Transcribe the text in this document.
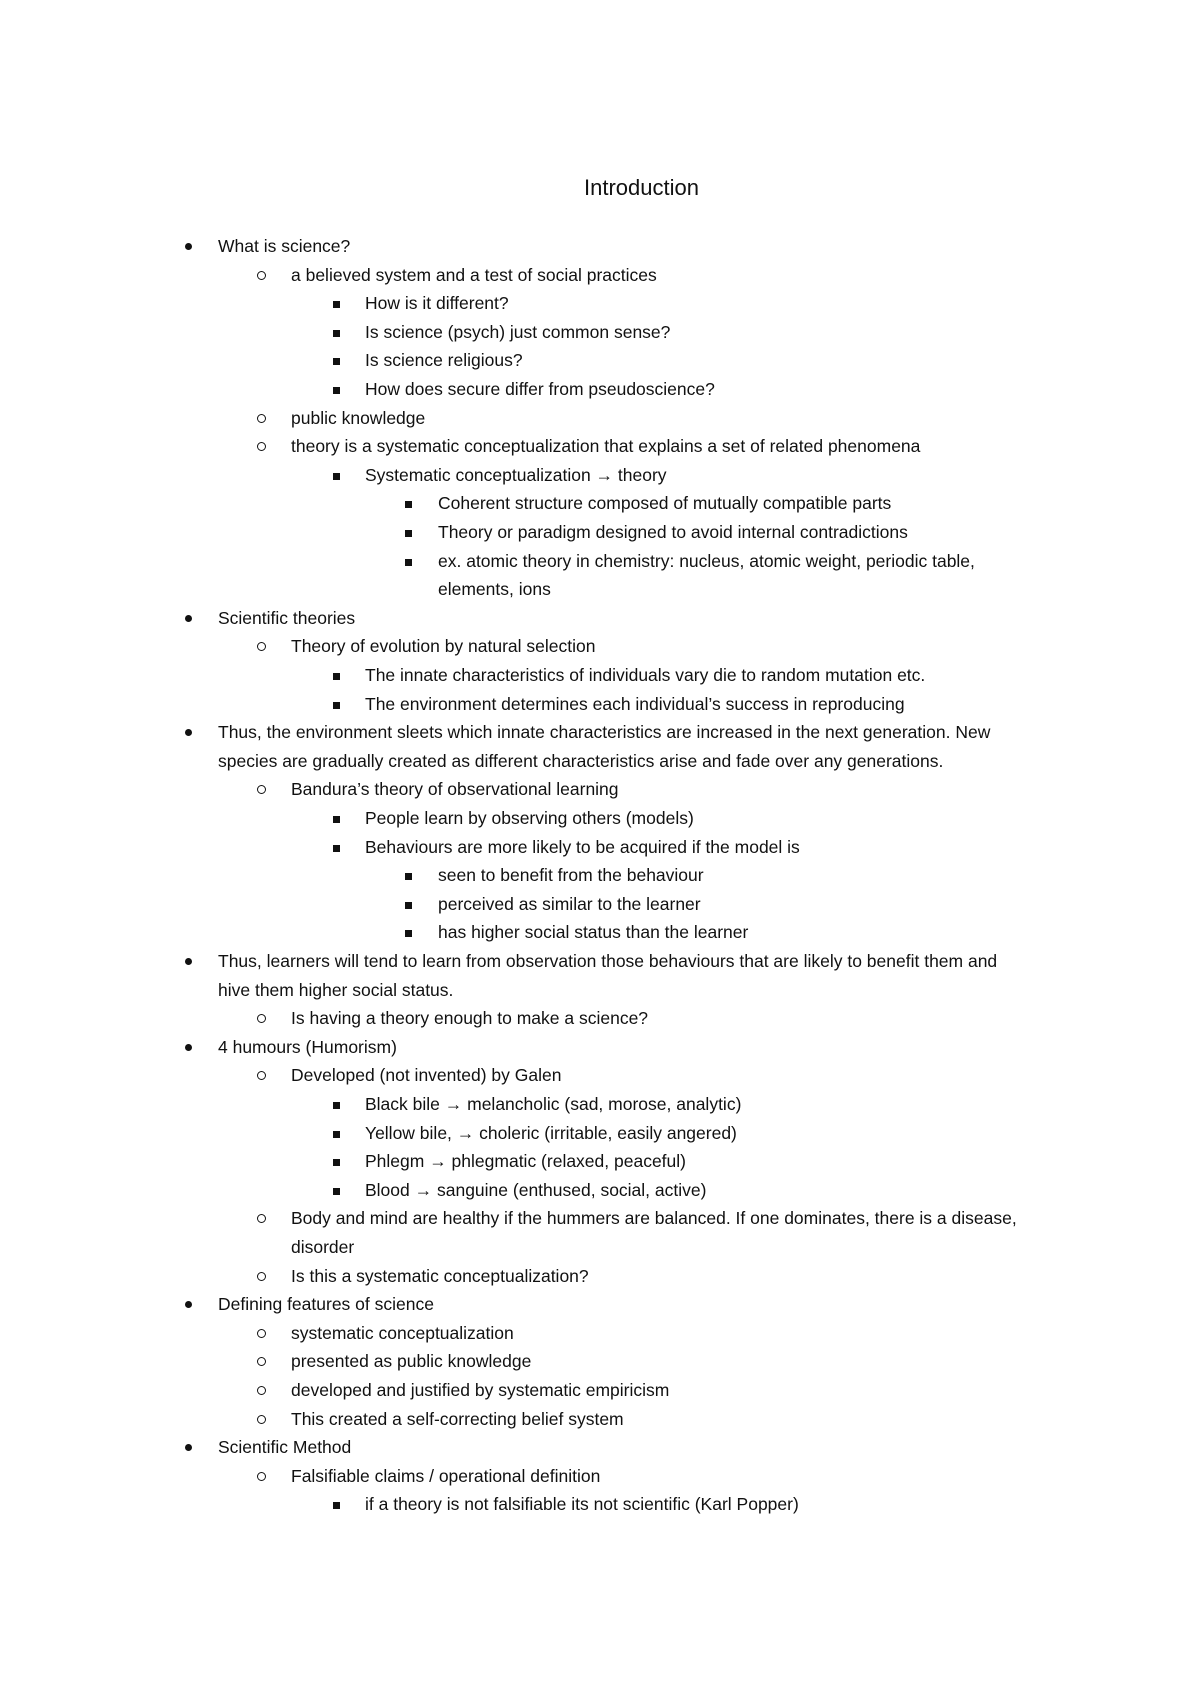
Introduction
What is science?
a believed system and a test of social practices
How is it different?
Is science (psych) just common sense?
Is science religious?
How does secure differ from pseudoscience?
public knowledge
theory is a systematic conceptualization that explains a set of related phenomena
Systematic conceptualization → theory
Coherent structure composed of mutually compatible parts
Theory or paradigm designed to avoid internal contradictions
ex. atomic theory in chemistry: nucleus, atomic weight, periodic table,
elements, ions
Scientific theories
Theory of evolution by natural selection
The innate characteristics of individuals vary die to random mutation etc.
The environment determines each individual’s success in reproducing
Thus, the environment sleets which innate characteristics are increased in the next generation. New
species are gradually created as different characteristics arise and fade over any generations.
Bandura’s theory of observational learning
People learn by observing others (models)
Behaviours are more likely to be acquired if the model is
seen to benefit from the behaviour
perceived as similar to the learner
has higher social status than the learner
Thus, learners will tend to learn from observation those behaviours that are likely to benefit them and
hive them higher social status.
Is having a theory enough to make a science?
4 humours (Humorism)
Developed (not invented) by Galen
Black bile → melancholic (sad, morose, analytic)
Yellow bile, → choleric (irritable, easily angered)
Phlegm → phlegmatic (relaxed, peaceful)
Blood → sanguine (enthused, social, active)
Body and mind are healthy if the hummers are balanced. If one dominates, there is a disease,
disorder
Is this a systematic conceptualization?
Defining features of science
systematic conceptualization
presented as public knowledge
developed and justified by systematic empiricism
This created a self-correcting belief system
Scientific Method
Falsifiable claims / operational definition
if a theory is not falsifiable its not scientific (Karl Popper)
